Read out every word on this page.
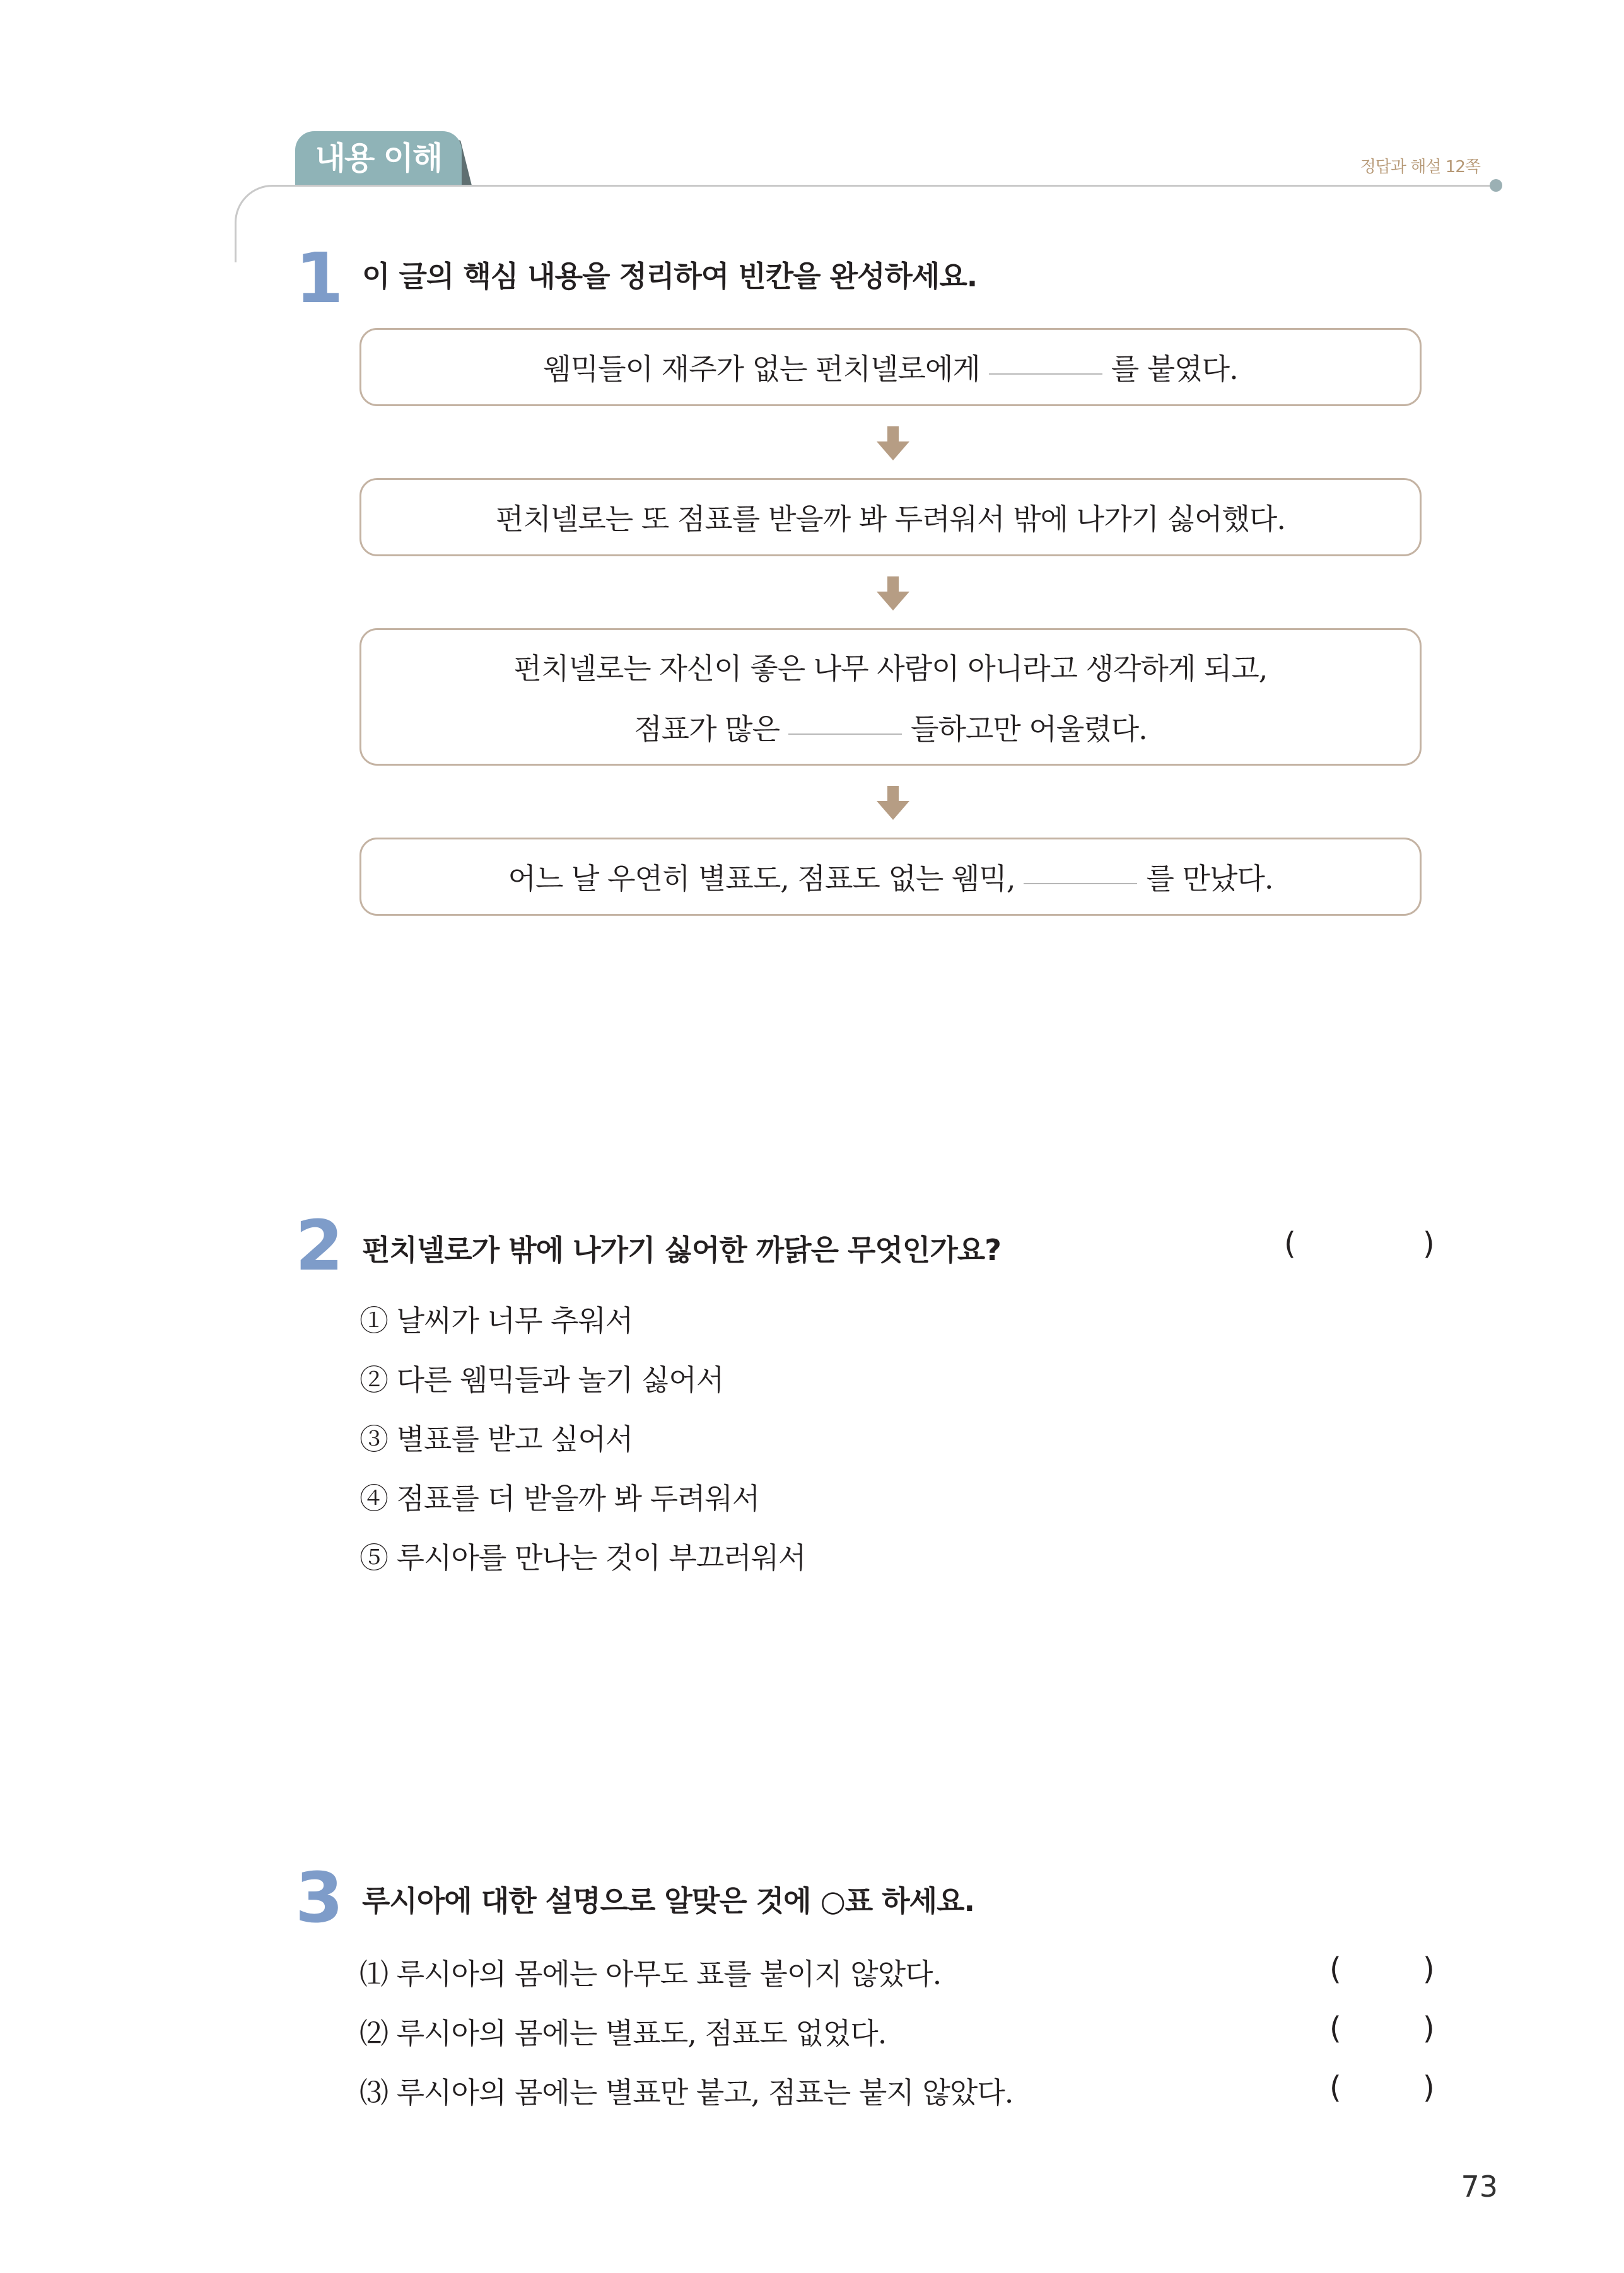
내용 이해	정답과 해설 12쪽
1 이 글의 핵심 내용을 정리하여 빈칸을 완성하세요.
웸믹들이 재주가 없는 펀치넬로에게	를 붙였다.
펀치넬로는 또 점표를 받을까 봐 두려워서 밖에 나가기 싫어했다.
펀치넬로는 자신이 좋은 나무 사람이 아니라고 생각하게 되고,
점표가 많은	들하고만 어울렸다.
어느 날 우연히 별표도, 점표도 없는 웸믹,	를 만났다.
2 펀치넬로가 밖에 나가기 싫어한 까닭은 무엇인가요?	(	)
① 날씨가 너무 추워서
② 다른 웸믹들과 놀기 싫어서
③ 별표를 받고 싶어서
④ 점표를 더 받을까 봐 두려워서
⑤ 루시아를 만나는 것이 부끄러워서
3 루시아에 대한 설명으로 알맞은 것에 ○표 하세요.
⑴ 루시아의 몸에는 아무도 표를 붙이지 않았다.	(	)
⑵ 루시아의 몸에는 별표도, 점표도 없었다.	(	)
⑶ 루시아의 몸에는 별표만 붙고, 점표는 붙지 않았다.	(	)
73
